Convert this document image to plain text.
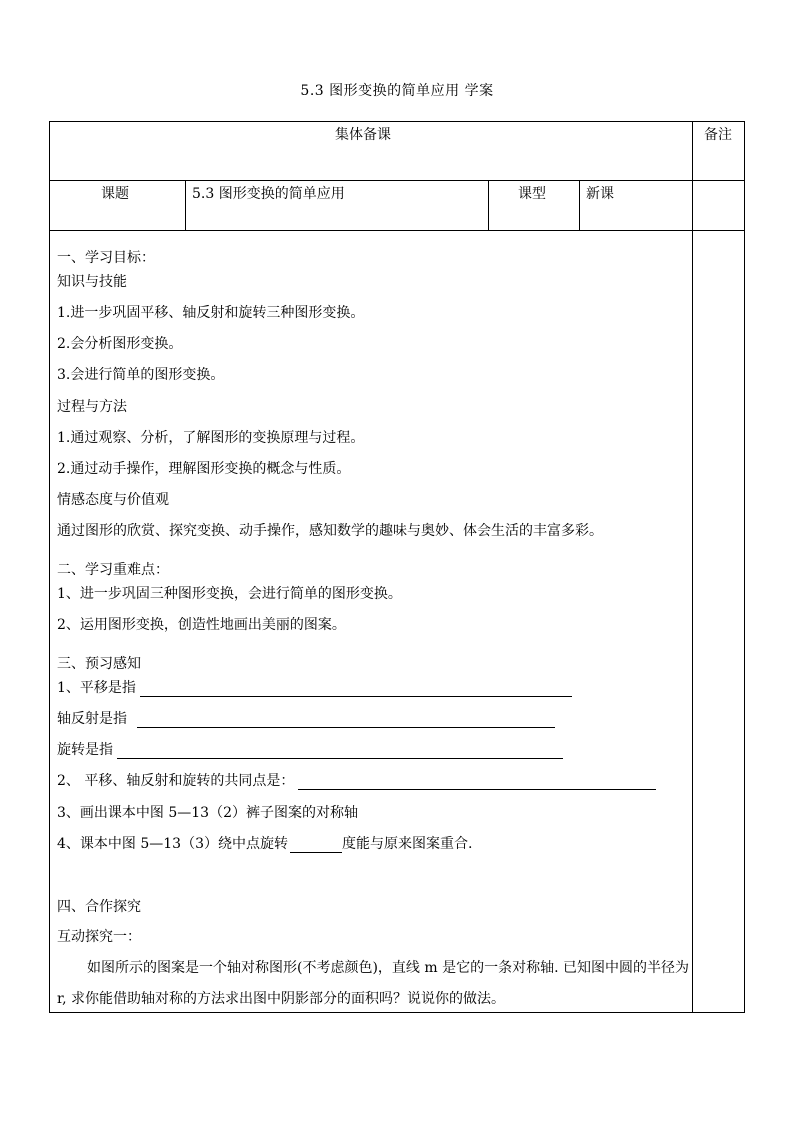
5.3 图形变换的简单应用 学案
集体备课	备注
课题	5.3 图形变换的简单应用	课型	新课
一、学习目标：
知识与技能
1.进一步巩固平移、轴反射和旋转三种图形变换。
2.会分析图形变换。
3.会进行简单的图形变换。
过程与方法
1.通过观察、分析，了解图形的变换原理与过程。
2.通过动手操作，理解图形变换的概念与性质。
情感态度与价值观
通过图形的欣赏、探究变换、动手操作，感知数学的趣味与奥妙、体会生活的丰富多彩。
二、学习重难点：
1、进一步巩固三种图形变换，会进行简单的图形变换。
2、运用图形变换，创造性地画出美丽的图案。
三、预习感知
1、平移是指
轴反射是指
旋转是指
2、 平移、轴反射和旋转的共同点是：
3、画出课本中图 5—13（2）裤子图案的对称轴
4、课本中图 5—13（3）绕中点旋转	度能与原来图案重合.
四、合作探究
互动探究一：
如图所示的图案是一个轴对称图形(不考虑颜色)，直线 m 是它的一条对称轴. 已知图中圆的半径为 r, 求你能借助轴对称的方法求出图中阴影部分的面积吗？说说你的做法。
